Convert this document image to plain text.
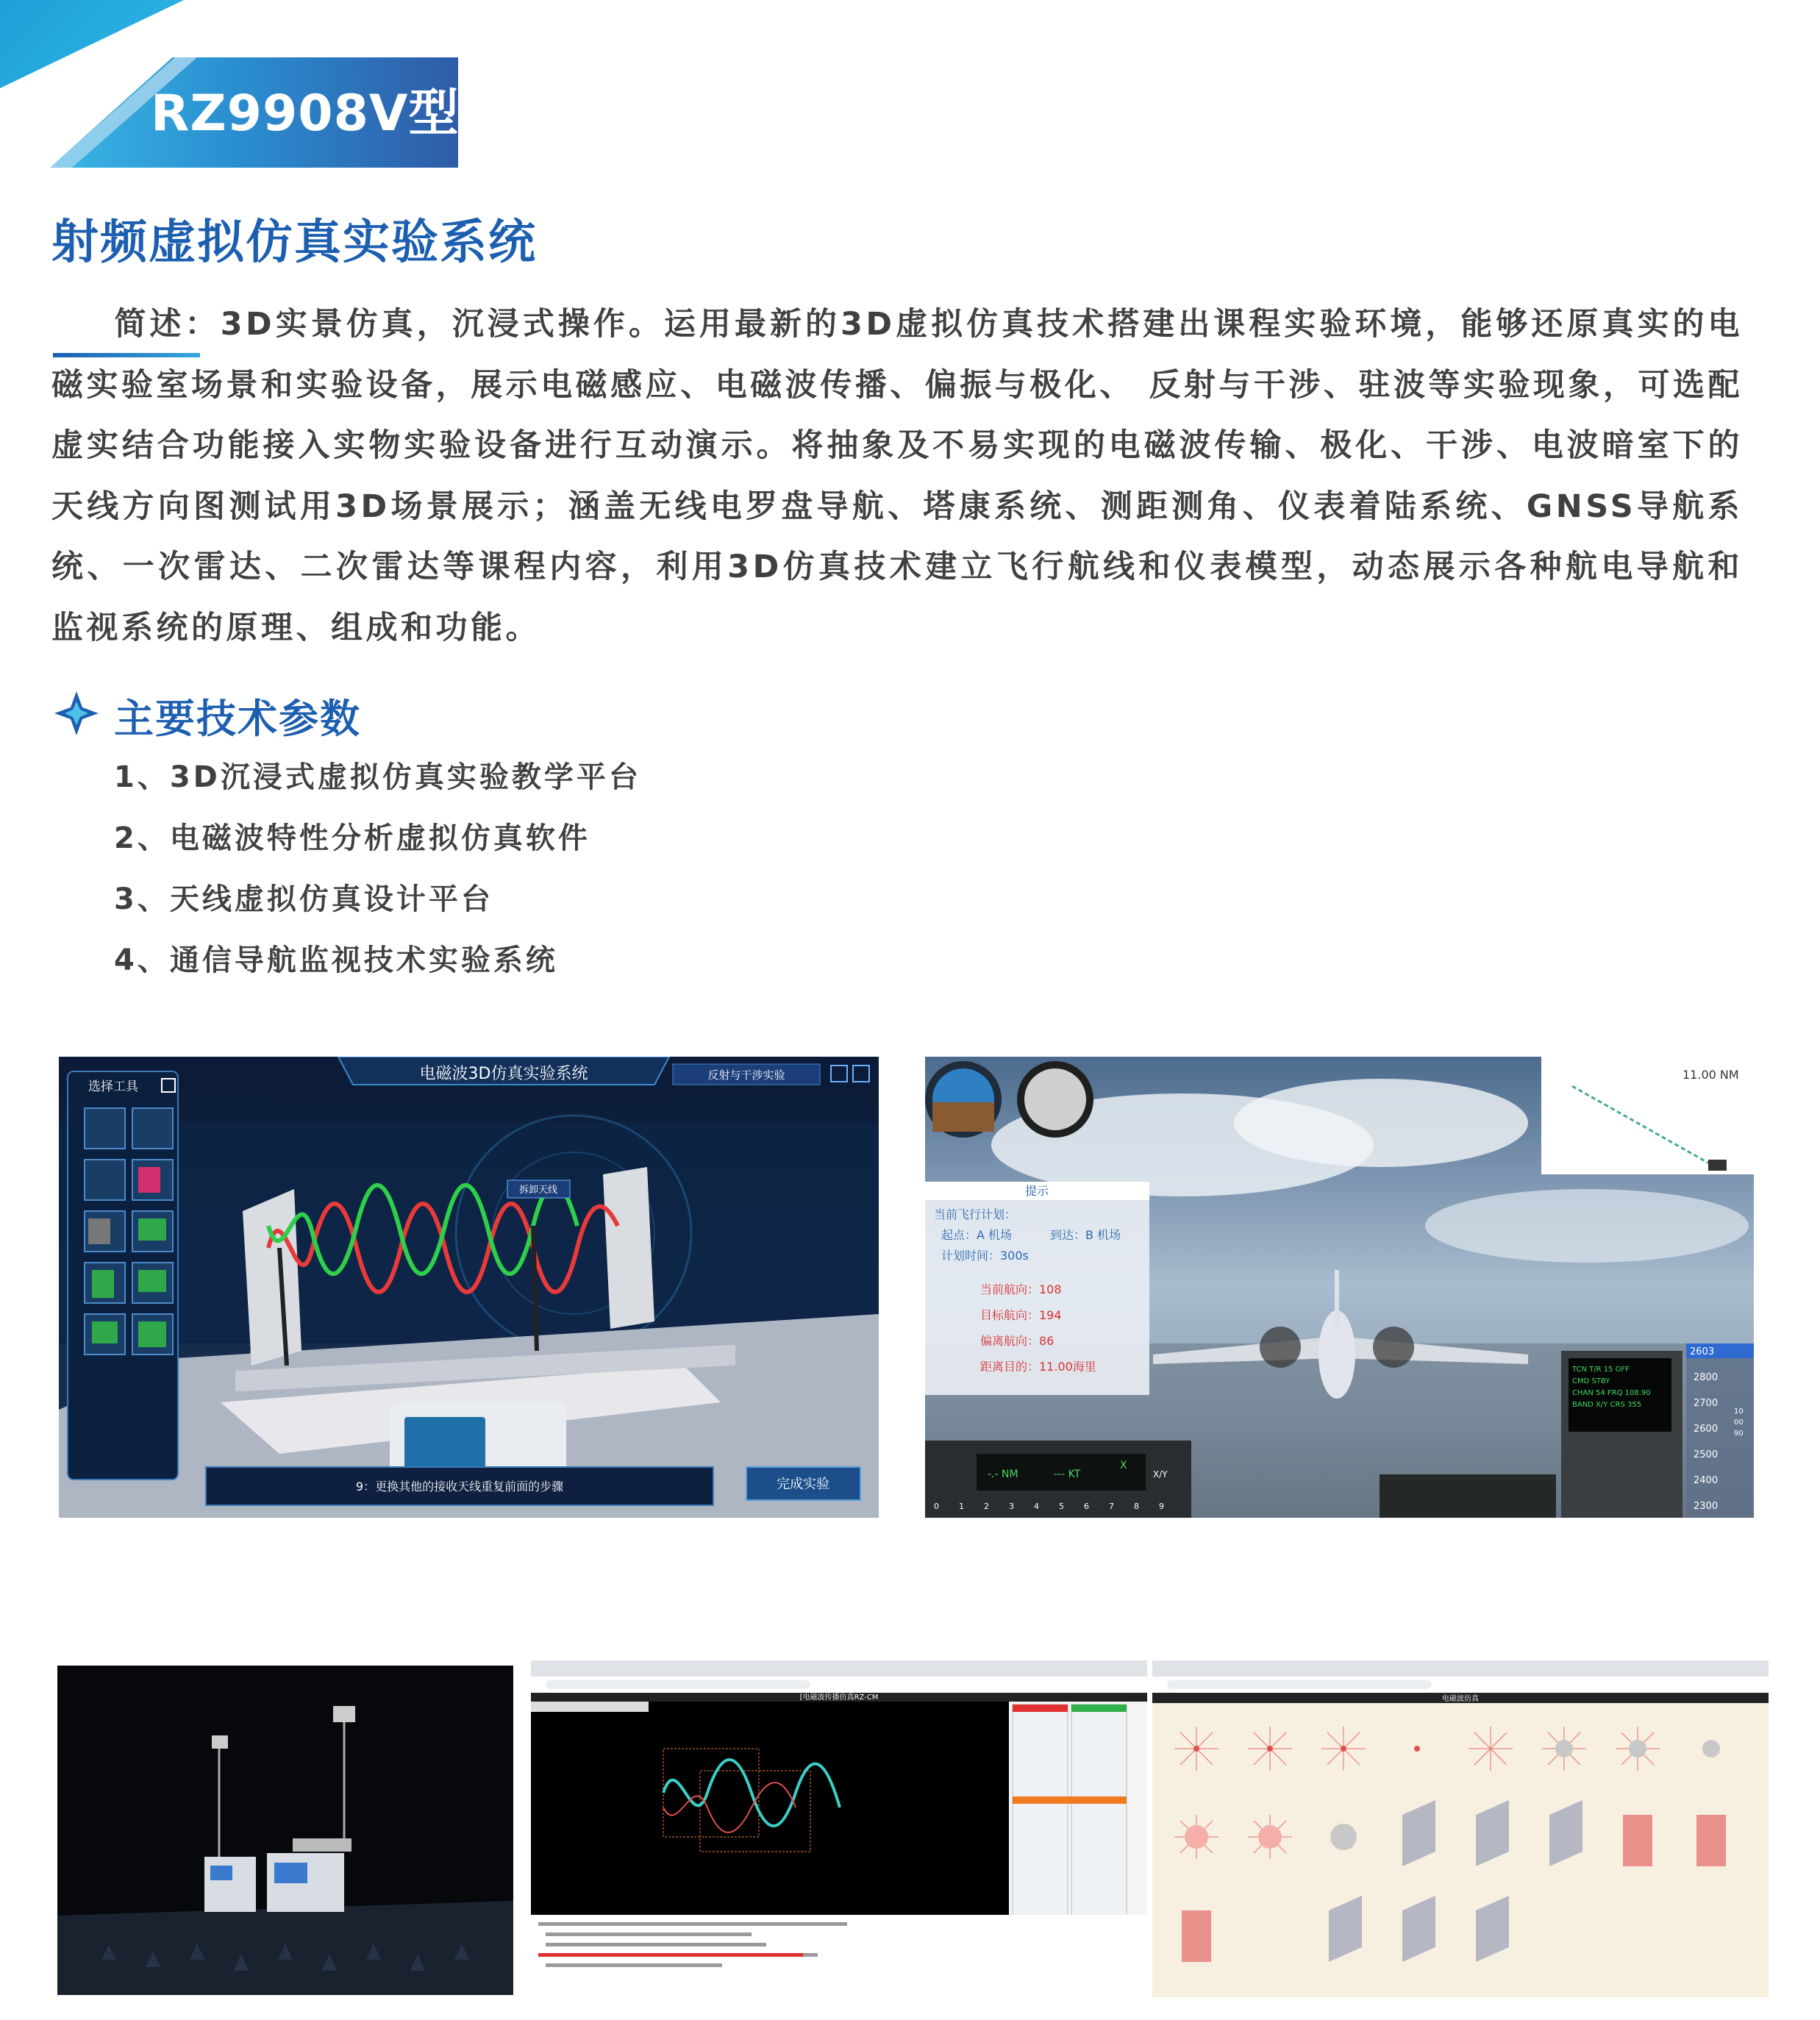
RZ9908V型
射频虚拟仿真实验系统
简述：3D实景仿真，沉浸式操作。运用最新的3D虚拟仿真技术搭建出课程实验环境，能够还原真实的电磁实验室场景和实验设备，展示电磁感应、电磁波传播、偏振与极化、 反射与干涉、驻波等实验现象，可选配虚实结合功能接入实物实验设备进行互动演示。将抽象及不易实现的电磁波传输、极化、干涉、电波暗室下的天线方向图测试用3D场景展示；涵盖无线电罗盘导航、塔康系统、测距测角、仪表着陆系统、GNSS导航系统、一次雷达、二次雷达等课程内容，利用3D仿真技术建立飞行航线和仪表模型，动态展示各种航电导航和监视系统的原理、组成和功能。
主要技术参数
1、3D沉浸式虚拟仿真实验教学平台
2、电磁波特性分析虚拟仿真软件
3、天线虚拟仿真设计平台
4、通信导航监视技术实验系统
选择工具
电磁波3D仿真实验系统	反射与干涉实验
拆卸天线
9：更换其他的接收天线重复前面的步骤	完成实验
11.00 NM
提示
当前飞行计划：
起点：A 机场	到达：B 机场
计划时间：300s
当前航向：108
目标航向：194
偏离航向：86
距离目的：11.00海里
-.- NM	--- KT
X
X/Y
0 1 2 3 4 5 6 7 8 9
TCN T/R 15 OFF
CMD STBY
CHAN 54 FRQ 108.90
BAND X/Y CRS 355
2603
2800
2700
2600
2500
2400
2300
10
00
90
[电磁波传播仿真RZ-CM	电磁波仿真
